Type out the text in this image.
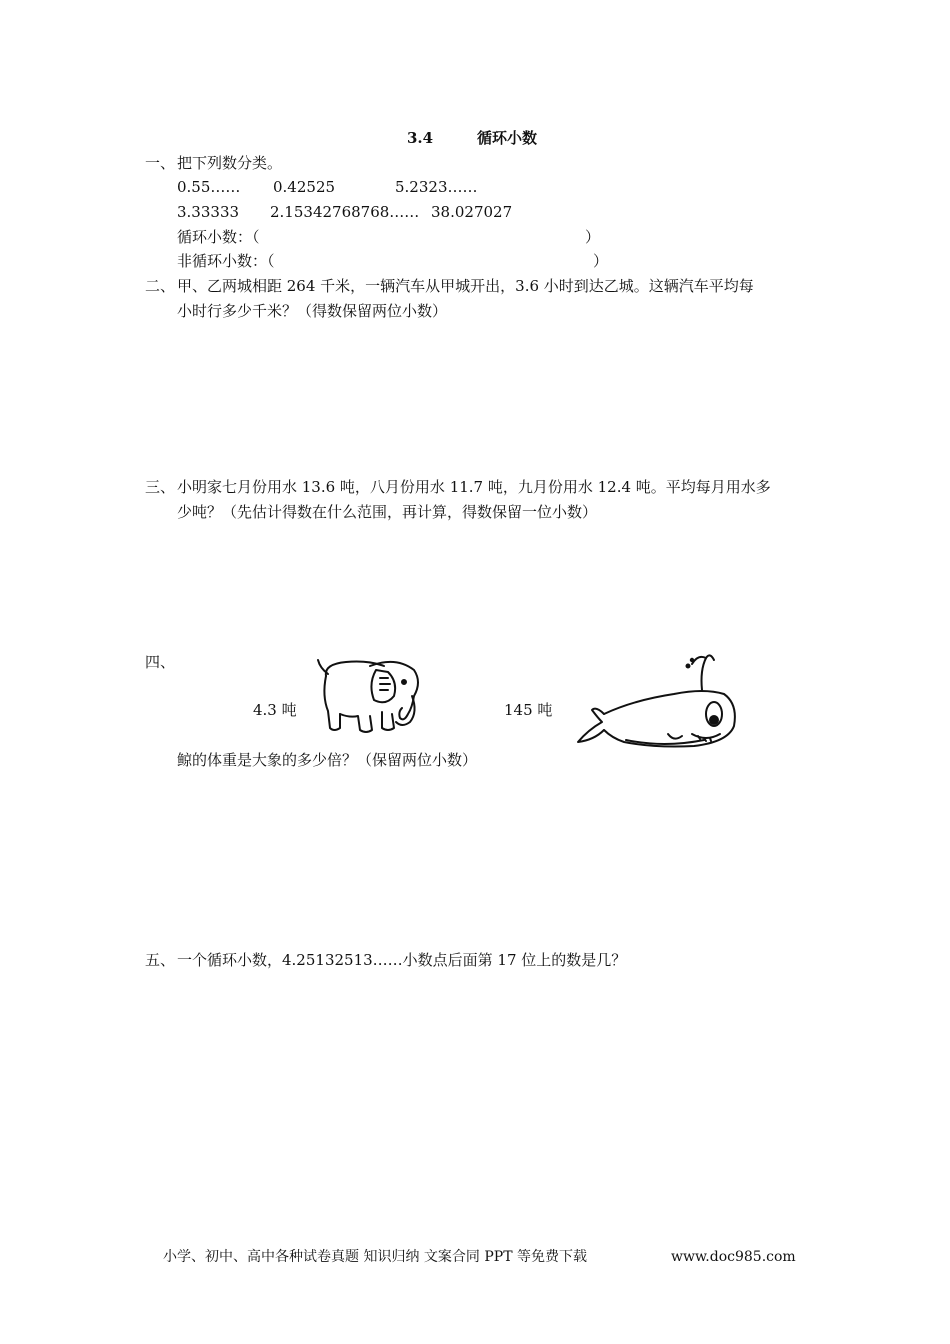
3.4	循环小数
一、 把下列数分类。
0.55…… 0.42525	5.2323……
3.33333 2.15342768768…… 38.027027
循环小数：（	）
非循环小数：（	）
二、 甲、乙两城相距 264 千米，一辆汽车从甲城开出，3.6 小时到达乙城。这辆汽车平均每
小时行多少千米？（得数保留两位小数）
三、 小明家七月份用水 13.6 吨，八月份用水 11.7 吨，九月份用水 12.4 吨。平均每月用水多
少吨？（先估计得数在什么范围，再计算，得数保留一位小数）
四、
4.3 吨	145 吨
鲸的体重是大象的多少倍？（保留两位小数）
五、 一个循环小数，4.25132513……小数点后面第 17 位上的数是几？
小学、初中、高中各种试卷真题 知识归纳 文案合同 PPT 等免费下载	www.doc985.com
